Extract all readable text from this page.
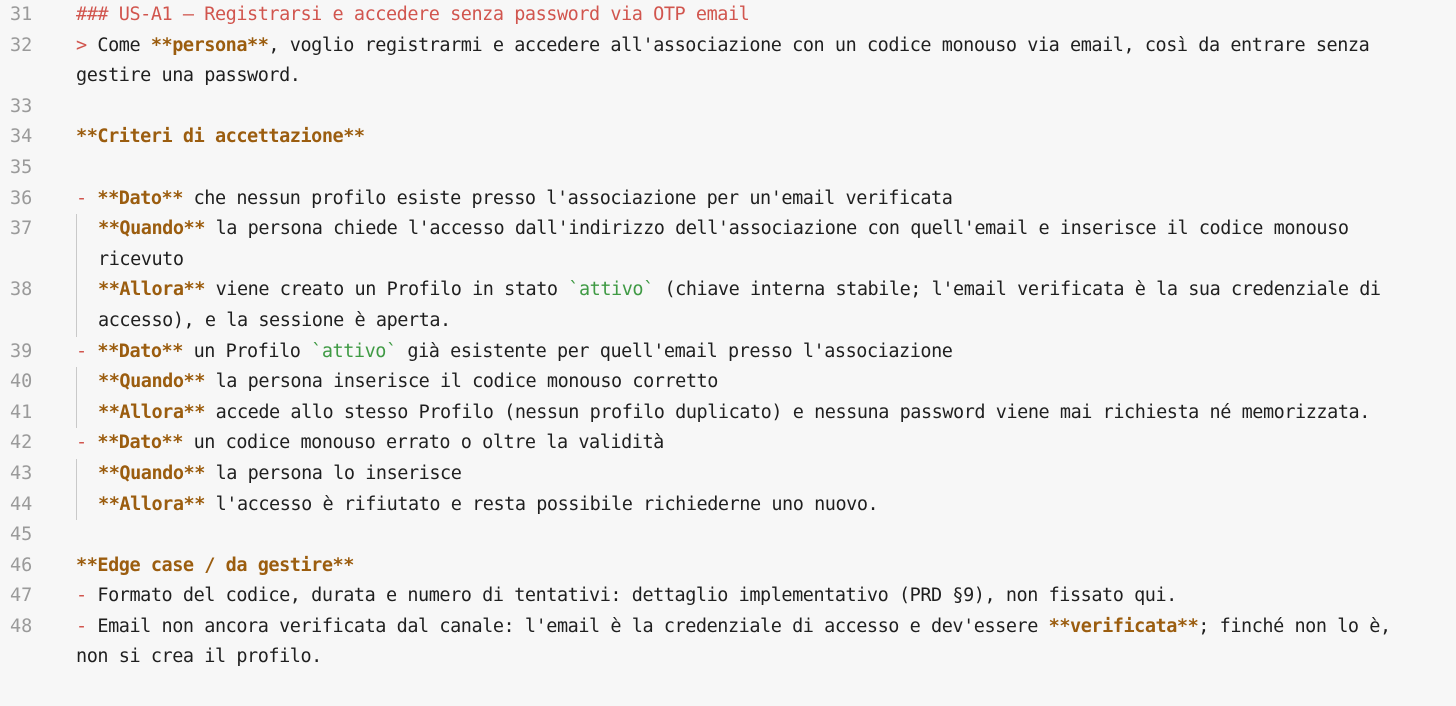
31	### US-A1 — Registrarsi e accedere senza password via OTP email
32	> Come **persona**, voglio registrarmi e accedere all'associazione con un codice monouso via email, così da entrare senza gestire una password.
33
34	**Criteri di accettazione**
35
36	- **Dato** che nessun profilo esiste presso l'associazione per un'email verificata
37	**Quando** la persona chiede l'accesso dall'indirizzo dell'associazione con quell'email e inserisce il codice monouso ricevuto
38	**Allora** viene creato un Profilo in stato `attivo` (chiave interna stabile; l'email verificata è la sua credenziale di accesso), e la sessione è aperta.
39	- **Dato** un Profilo `attivo` già esistente per quell'email presso l'associazione
40	**Quando** la persona inserisce il codice monouso corretto
41	**Allora** accede allo stesso Profilo (nessun profilo duplicato) e nessuna password viene mai richiesta né memorizzata.
42	- **Dato** un codice monouso errato o oltre la validità
43	**Quando** la persona lo inserisce
44	**Allora** l'accesso è rifiutato e resta possibile richiederne uno nuovo.
45
46	**Edge case / da gestire**
47	- Formato del codice, durata e numero di tentativi: dettaglio implementativo (PRD §9), non fissato qui.
48	- Email non ancora verificata dal canale: l'email è la credenziale di accesso e dev'essere **verificata**; finché non lo è, non si crea il profilo.
